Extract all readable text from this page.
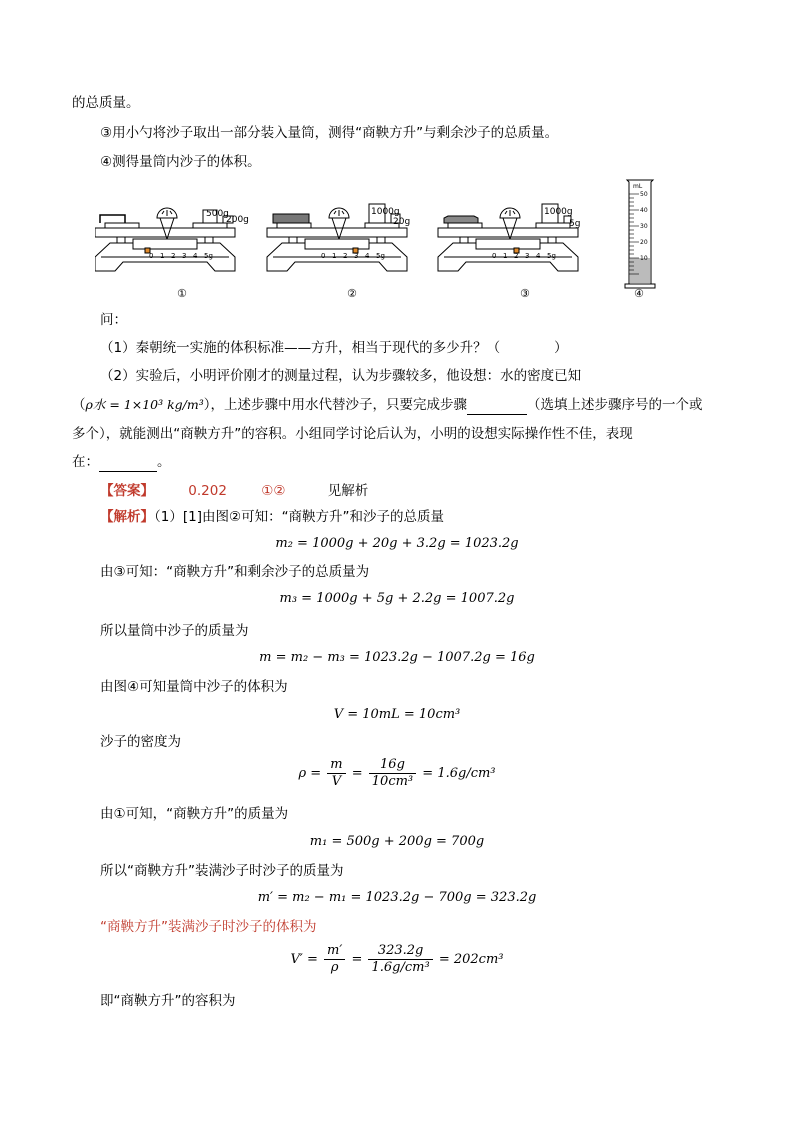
的总质量。
③用小勺将沙子取出一部分装入量筒，测得“商鞅方升”与剩余沙子的总质量。
④测得量筒内沙子的体积。
0 1 2 3 4 5g
500g
200g
①
0 1 2 3 4 5g
1000g
20g
②
0 1 2 3 4 5g
1000g
5g
③
mL
50
40
30
20
10
④
问：
（1）秦朝统一实施的体积标准——方升，相当于现代的多少升？（　　　　）
（2）实验后，小明评价刚才的测量过程，认为步骤较多，他设想：水的密度已知
（ρ水 = 1×10³ kg/m³），上述步骤中用水代替沙子，只要完成步骤	（选填上述步骤序号的一个或
多个），就能测出“商鞅方升”的容积。小组同学讨论后认为，小明的设想实际操作性不佳，表现
在：	。
【答案】	0.202	①②	见解析
【解析】（1）[1]由图②可知：“商鞅方升”和沙子的总质量
m₂ = 1000g + 20g + 3.2g = 1023.2g
由③可知：“商鞅方升”和剩余沙子的总质量为
m₃ = 1000g + 5g + 2.2g = 1007.2g
所以量筒中沙子的质量为
m = m₂ − m₃ = 1023.2g − 1007.2g = 16g
由图④可知量筒中沙子的体积为
V = 10mL = 10cm³
沙子的密度为
$\rho = \frac{m}{V} = \frac{16g}{\text{10cm³}} = 1.6g/cm^3$
由①可知，“商鞅方升”的质量为
m₁ = 500g + 200g = 700g
所以“商鞅方升”装满沙子时沙子的质量为
m′ = m₂ − m₁ = 1023.2g − 700g = 323.2g
“商鞅方升”装满沙子时沙子的体积为
$V' = \frac{m'}{\rho} = \frac{323.2g}{\text{1.6g/cm³}} = 202cm^3$
即“商鞅方升”的容积为
